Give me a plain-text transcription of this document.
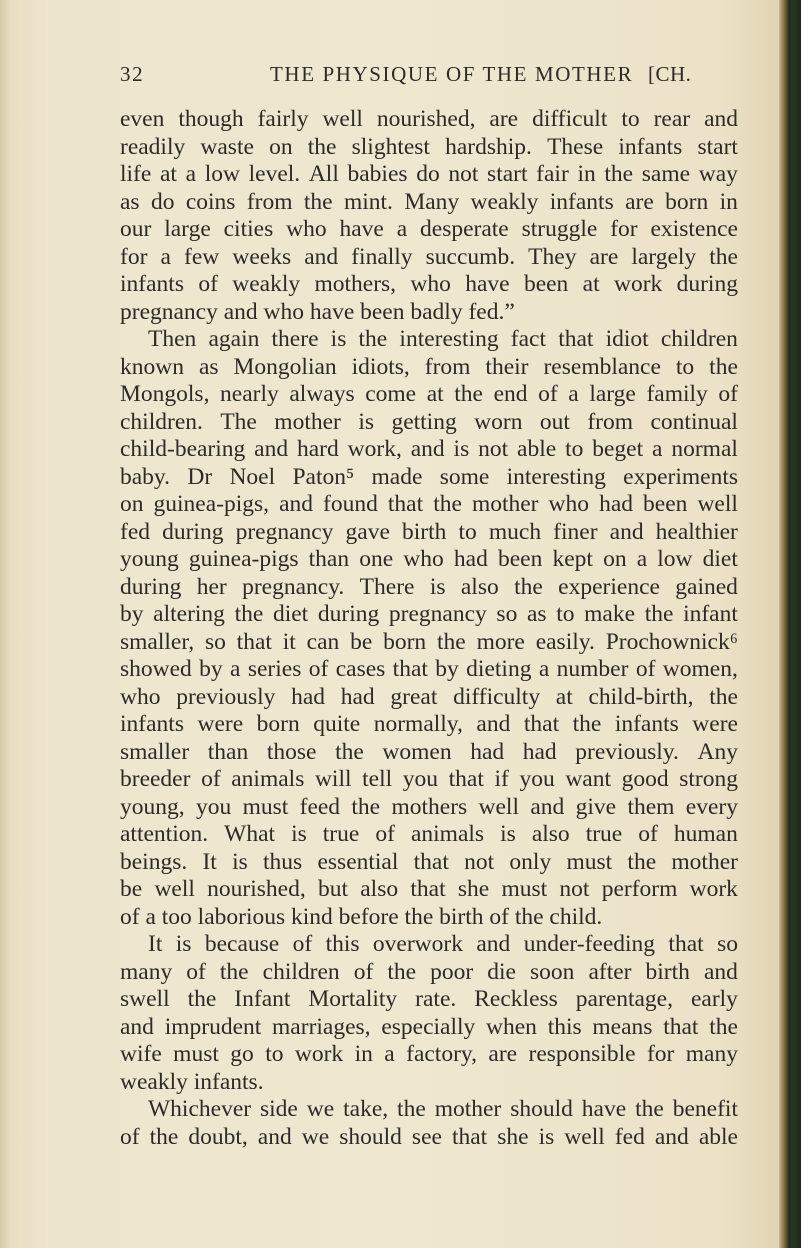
32	THE PHYSIQUE OF THE MOTHER [CH.
even though fairly well nourished, are difficult to rear and
readily waste on the slightest hardship. These infants start
life at a low level. All babies do not start fair in the same way
as do coins from the mint. Many weakly infants are born in
our large cities who have a desperate struggle for existence
for a few weeks and finally succumb. They are largely the
infants of weakly mothers, who have been at work during
pregnancy and who have been badly fed.”
Then again there is the interesting fact that idiot children
known as Mongolian idiots, from their resemblance to the
Mongols, nearly always come at the end of a large family of
children. The mother is getting worn out from continual
child-bearing and hard work, and is not able to beget a normal
baby. Dr Noel Paton⁵ made some interesting experiments
on guinea-pigs, and found that the mother who had been well
fed during pregnancy gave birth to much finer and healthier
young guinea-pigs than one who had been kept on a low diet
during her pregnancy. There is also the experience gained
by altering the diet during pregnancy so as to make the infant
smaller, so that it can be born the more easily. Prochownick⁶
showed by a series of cases that by dieting a number of women,
who previously had had great difficulty at child-birth, the
infants were born quite normally, and that the infants were
smaller than those the women had had previously. Any
breeder of animals will tell you that if you want good strong
young, you must feed the mothers well and give them every
attention. What is true of animals is also true of human
beings. It is thus essential that not only must the mother
be well nourished, but also that she must not perform work
of a too laborious kind before the birth of the child.
It is because of this overwork and under-feeding that so
many of the children of the poor die soon after birth and
swell the Infant Mortality rate. Reckless parentage, early
and imprudent marriages, especially when this means that the
wife must go to work in a factory, are responsible for many
weakly infants.
Whichever side we take, the mother should have the benefit
of the doubt, and we should see that she is well fed and able
